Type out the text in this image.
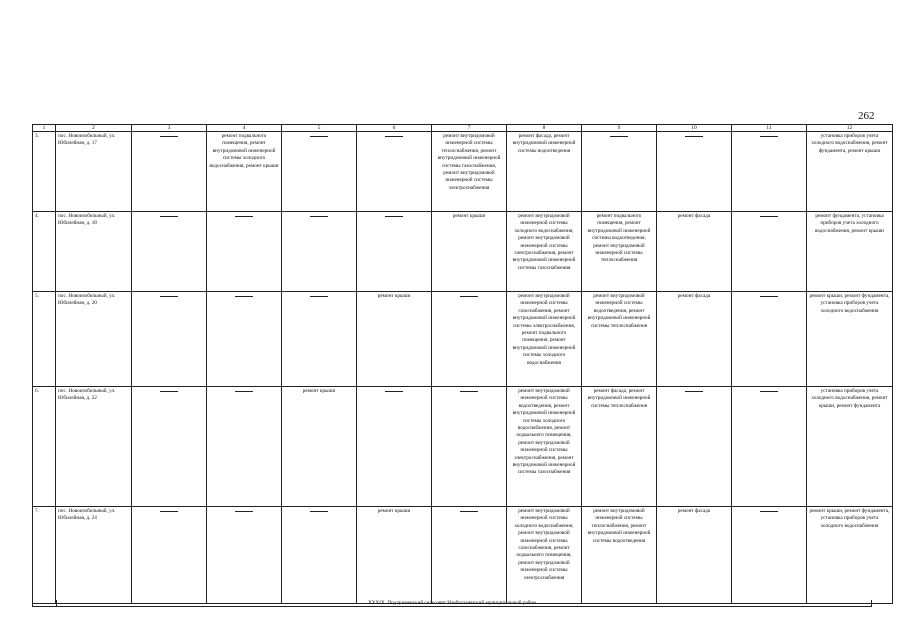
262
1	2	3	4	5	6	7	8	9	10	11	12
3.	пос. Новоизобильный, ул. Юбилейная, д. 17		ремонт подвального помещения, ремонт внутридомовой инженерной системы холодного водоснабжения, ремонт крыши			ремонт внутридомовой инженерной системы теплоснабжения, ремонт внутридомовой инженерной системы газоснабжения, ремонт внутридомовой инженерной системы электроснабжения	ремонт фасада, ремонт внутридомовой инженерной системы водоотведения				установка приборов учета холодного водоснабжения, ремонт фундамента, ремонт крыши
4.	пос. Новоизобильный, ул. Юбилейная, д. 18					ремонт крыши	ремонт внутридомовой инженерной системы холодного водоснабжения, ремонт внутридомовой инженерной системы электроснабжения, ремонт внутридомовой инженерной системы газоснабжения	ремонт подвального помещения, ремонт внутридомовой инженерной системы водоотведения, ремонт внутридомовой инженерной системы теплоснабжения	ремонт фасада		ремонт фундамента, установка приборов учета холодного водоснабжения, ремонт крыши
5.	пос. Новоизобильный, ул. Юбилейная, д. 20				ремонт крыши		ремонт внутридомовой инженерной системы газоснабжения, ремонт внутридомовой инженерной системы электроснабжения, ремонт подвального помещения, ремонт внутридомовой инженерной системы холодного водоснабжения	ремонт внутридомовой инженерной системы водоотведения, ремонт внутридомовой инженерной системы теплоснабжения	ремонт фасада		ремонт крыши, ремонт фундамента, установка приборов учета холодного водоснабжения
6.	пос. Новоизобильный, ул. Юбилейная, д. 22			ремонт крыши			ремонт внутридомовой инженерной системы водоотведения, ремонт внутридомовой инженерной системы холодного водоснабжения, ремонт подвального помещения, ремонт внутридомовой инженерной системы электроснабжения, ремонт внутридомовой инженерной системы газоснабжения	ремонт фасада, ремонт внутридомовой инженерной системы теплоснабжения			установка приборов учета холодного водоснабжения, ремонт крыши, ремонт фундамента
7.	пос. Новоизобильный, ул. Юбилейная, д. 24				ремонт крыши		ремонт внутридомовой инженерной системы холодного водоснабжения, ремонт внутридомовой инженерной системы газоснабжения, ремонт подвального помещения, ремонт внутридомовой инженерной системы электроснабжения	ремонт внутридомовой инженерной системы теплоснабжения, ремонт внутридомовой инженерной системы водоотведения	ремонт фасада		ремонт крыши, ремонт фундамента, установка приборов учета холодного водоснабжения
XXXIX. Подлужненский сельсовет Изобильненский муниципальный район
